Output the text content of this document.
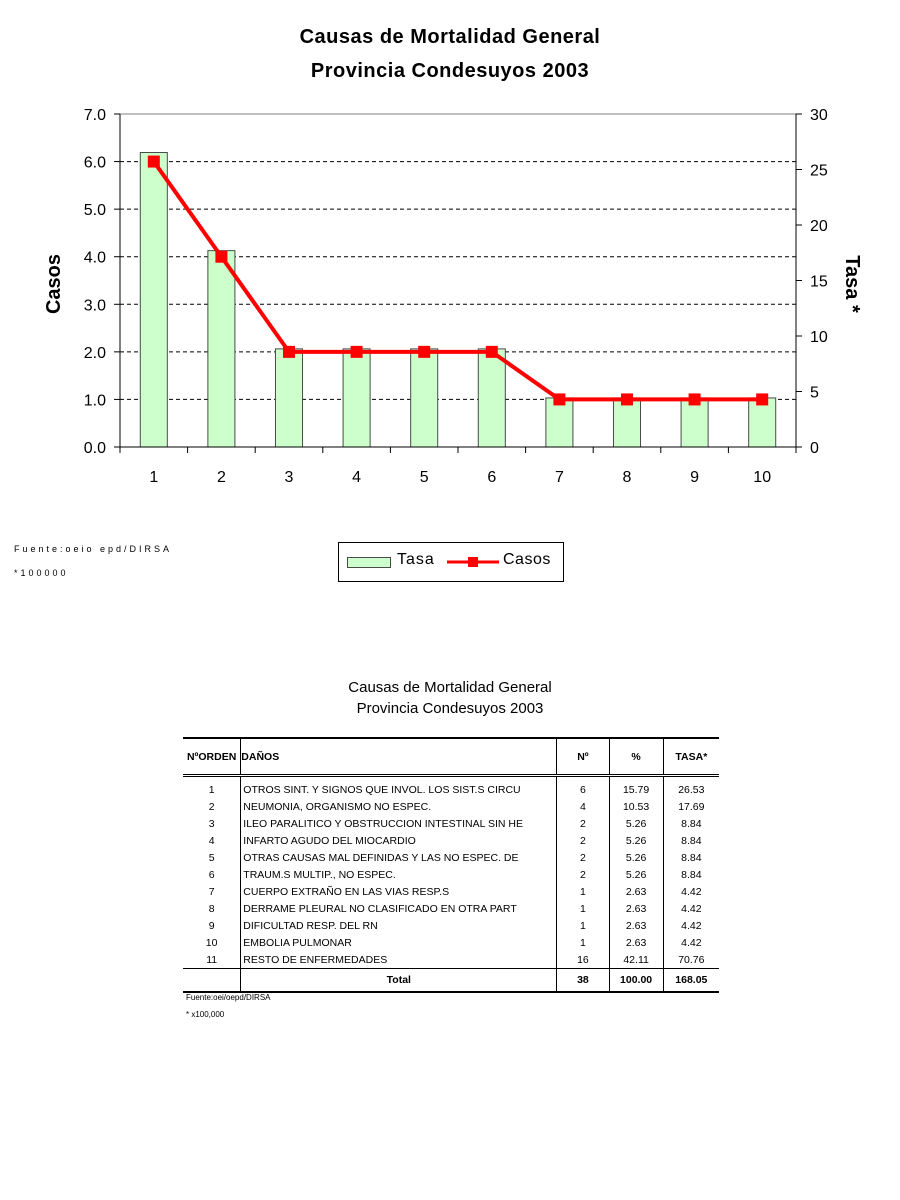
Causas de Mortalidad General
Provincia Condesuyos 2003
0.0
1.0
2.0
3.0
4.0
5.0
6.0
7.0
0
5
10
15
20
25
30
1	2	3	4	5	6	7	8	9	10
Casos	Tasa *
Fuente:oeio epd/DIRSA
*100000
Tasa	Casos
Causas de Mortalidad General
Provincia Condesuyos 2003
NºORDEN	DAÑOS	Nº	%	TASA*
1	OTROS SINT. Y SIGNOS QUE INVOL. LOS SIST.S CIRCU	6	15.79	26.53
2	NEUMONIA, ORGANISMO NO ESPEC.	4	10.53	17.69
3	ILEO PARALITICO Y OBSTRUCCION INTESTINAL SIN HE	2	5.26	8.84
4	INFARTO AGUDO DEL MIOCARDIO	2	5.26	8.84
5	OTRAS CAUSAS MAL DEFINIDAS Y LAS NO ESPEC. DE	2	5.26	8.84
6	TRAUM.S MULTIP., NO ESPEC.	2	5.26	8.84
7	CUERPO EXTRAÑO EN LAS VIAS RESP.S	1	2.63	4.42
8	DERRAME PLEURAL NO CLASIFICADO EN OTRA PART	1	2.63	4.42
9	DIFICULTAD RESP. DEL RN	1	2.63	4.42
10	EMBOLIA PULMONAR	1	2.63	4.42
11	RESTO DE ENFERMEDADES	16	42.11	70.76
	Total	38	100.00	168.05
Fuente:oei/oepd/DIRSA
* x100,000
